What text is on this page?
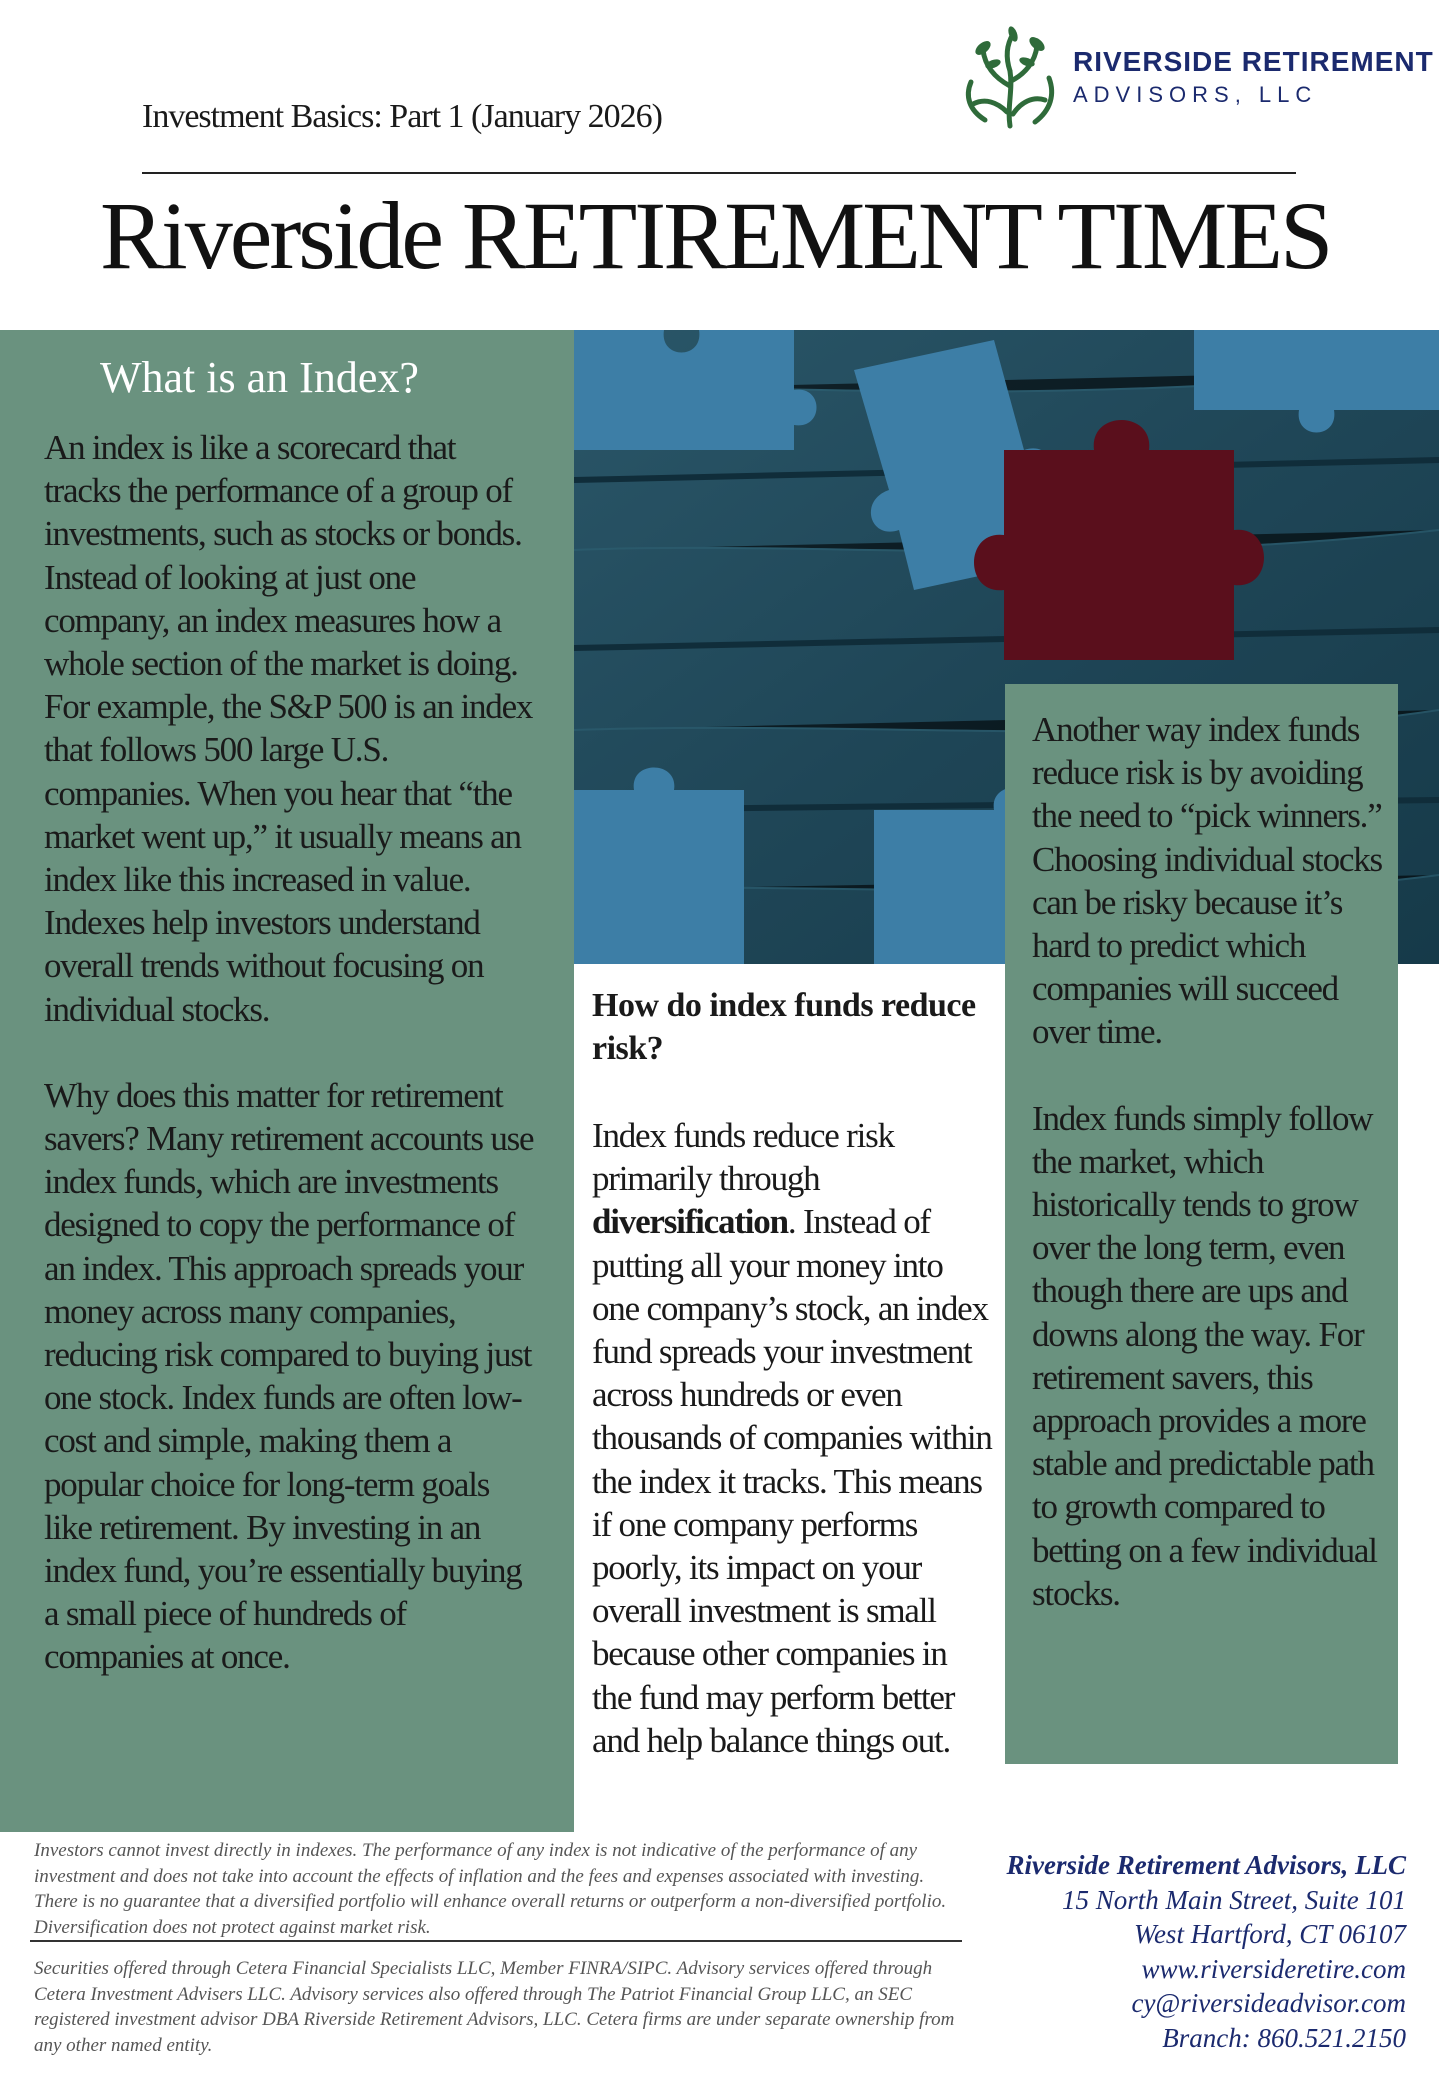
Investment Basics: Part 1 (January 2026)
RIVERSIDE RETIREMENT
ADVISORS, LLC
Riverside RETIREMENT TIMES
What is an Index?

An index is like a scorecard that tracks the performance of a group of investments, such as stocks or bonds. Instead of looking at just one company, an index measures how a whole section of the market is doing. For example, the S&P 500 is an index that follows 500 large U.S. companies. When you hear that “the market went up,” it usually means an index like this increased in value. Indexes help investors understand overall trends without focusing on individual stocks.

Why does this matter for retirement savers? Many retirement accounts use index funds, which are investments designed to copy the performance of an index. This approach spreads your money across many companies, reducing risk compared to buying just one stock. Index funds are often low-cost and simple, making them a popular choice for long-term goals like retirement. By investing in an index fund, you’re essentially buying a small piece of hundreds of companies at once.

How do index funds reduce risk?
Index funds reduce risk primarily through diversification. Instead of putting all your money into one company’s stock, an index fund spreads your investment across hundreds or even thousands of companies within the index it tracks. This means if one company performs poorly, its impact on your overall investment is small because other companies in the fund may perform better and help balance things out.

Another way index funds reduce risk is by avoiding the need to “pick winners.” Choosing individual stocks can be risky because it’s hard to predict which companies will succeed over time.

Index funds simply follow the market, which historically tends to grow over the long term, even though there are ups and downs along the way. For retirement savers, this approach provides a more stable and predictable path to growth compared to betting on a few individual stocks.

Investors cannot invest directly in indexes. The performance of any index is not indicative of the performance of any investment and does not take into account the effects of inflation and the fees and expenses associated with investing. There is no guarantee that a diversified portfolio will enhance overall returns or outperform a non-diversified portfolio. Diversification does not protect against market risk.
Securities offered through Cetera Financial Specialists LLC, Member FINRA/SIPC. Advisory services offered through Cetera Investment Advisers LLC. Advisory services also offered through The Patriot Financial Group LLC, an SEC registered investment advisor DBA Riverside Retirement Advisors, LLC. Cetera firms are under separate ownership from any other named entity.
Riverside Retirement Advisors, LLC
15 North Main Street, Suite 101
West Hartford, CT 06107
www.riversideretire.com
cy@riversideadvisor.com
Branch: 860.521.2150
